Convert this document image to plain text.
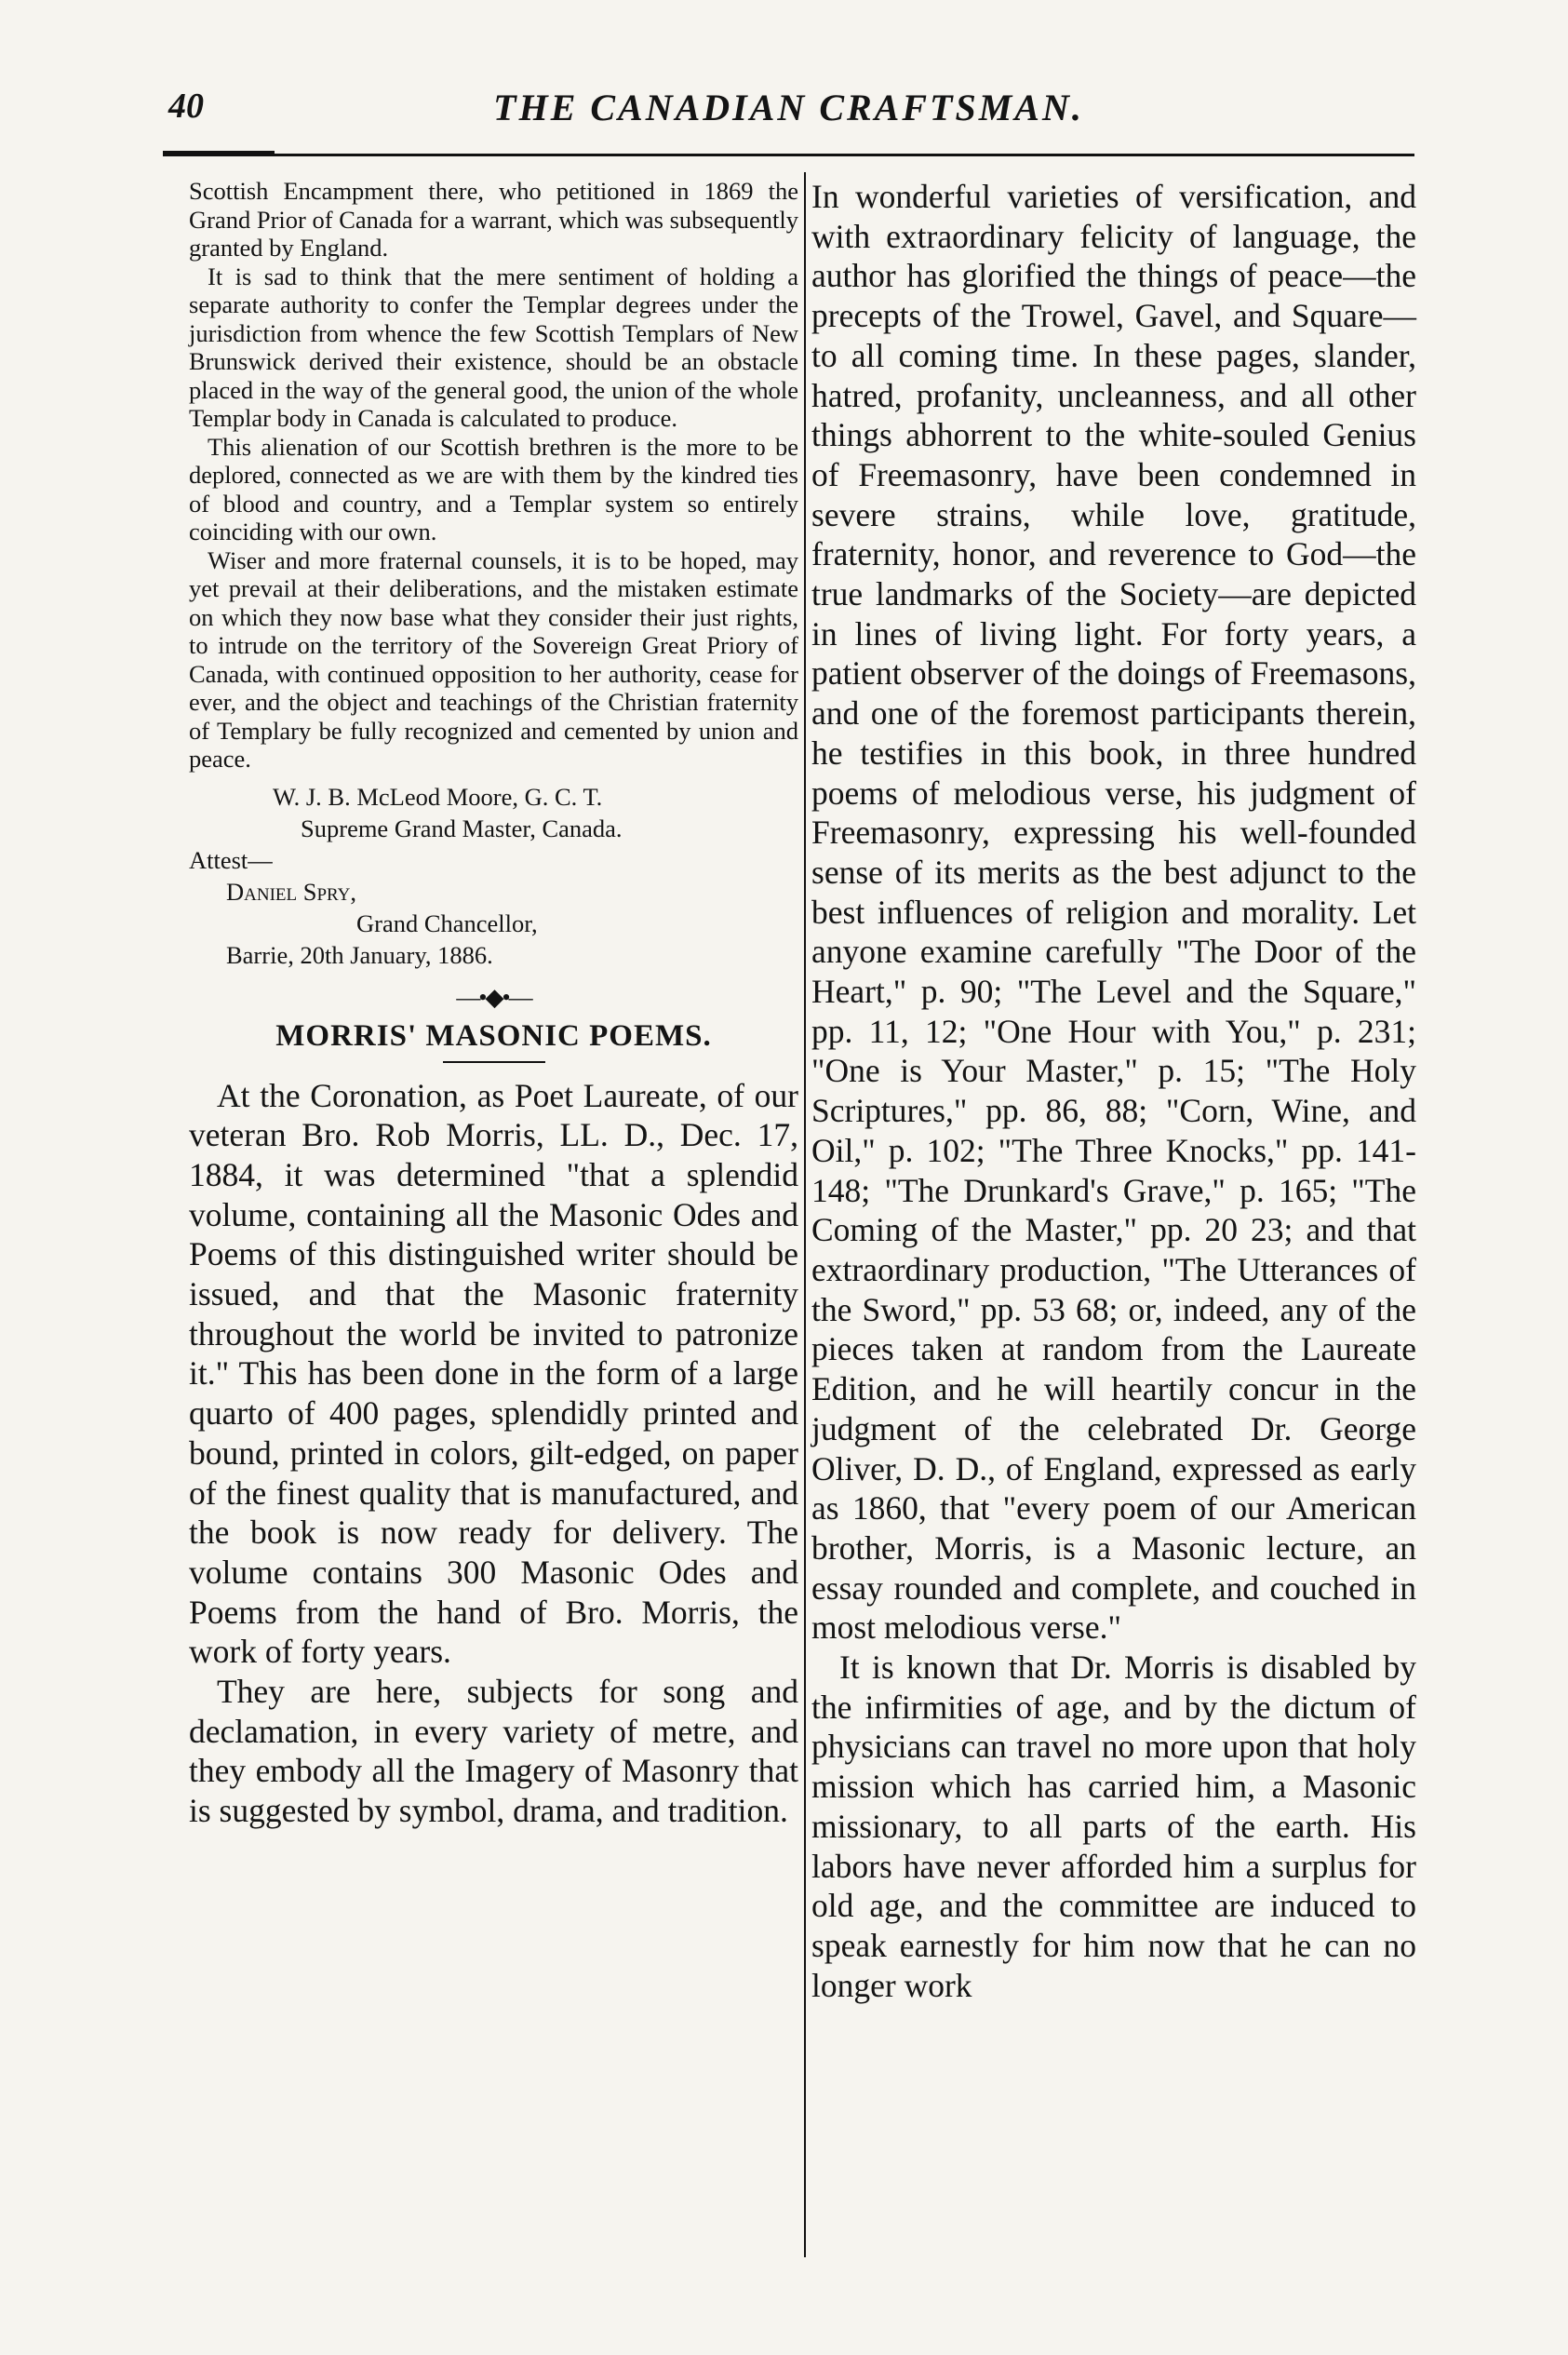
40	THE CANADIAN CRAFTSMAN.

Scottish Encampment there, who petitioned in 1869 the Grand Prior of Canada for a warrant, which was subsequently granted by England.

It is sad to think that the mere sentiment of holding a separate authority to confer the Templar degrees under the jurisdiction from whence the few Scottish Templars of New Brunswick derived their existence, should be an obstacle placed in the way of the general good, the union of the whole Templar body in Canada is calculated to produce.

This alienation of our Scottish brethren is the more to be deplored, connected as we are with them by the kindred ties of blood and country, and a Templar system so entirely coinciding with our own.

Wiser and more fraternal counsels, it is to be hoped, may yet prevail at their deliberations, and the mistaken estimate on which they now base what they consider their just rights, to intrude on the territory of the Sovereign Great Priory of Canada, with continued opposition to her authority, cease for ever, and the object and teachings of the Christian fraternity of Templary be fully recognized and cemented by union and peace.

W. J. B. McLeod Moore, G. C. T.
Supreme Grand Master, Canada.
Attest—
Daniel Spry,
Grand Chancellor,
Barrie, 20th January, 1886.
—•◆•—
MORRIS' MASONIC POEMS.

At the Coronation, as Poet Laureate, of our veteran Bro. Rob Morris, LL. D., Dec. 17, 1884, it was determined "that a splendid volume, containing all the Masonic Odes and Poems of this distinguished writer should be issued, and that the Masonic fraternity throughout the world be invited to patronize it." This has been done in the form of a large quarto of 400 pages, splendidly printed and bound, printed in colors, gilt-edged, on paper of the finest quality that is manufactured, and the book is now ready for delivery. The volume contains 300 Masonic Odes and Poems from the hand of Bro. Morris, the work of forty years.

They are here, subjects for song and declamation, in every variety of metre, and they embody all the Imagery of Masonry that is suggested by symbol, drama, and tradition.

In wonderful varieties of versification, and with extraordinary felicity of language, the author has glorified the things of peace—the precepts of the Trowel, Gavel, and Square—to all coming time. In these pages, slander, hatred, profanity, uncleanness, and all other things abhorrent to the white-souled Genius of Freemasonry, have been condemned in severe strains, while love, gratitude, fraternity, honor, and reverence to God—the true landmarks of the Society—are depicted in lines of living light. For forty years, a patient observer of the doings of Freemasons, and one of the foremost participants therein, he testifies in this book, in three hundred poems of melodious verse, his judgment of Freemasonry, expressing his well-founded sense of its merits as the best adjunct to the best influences of religion and morality. Let anyone examine carefully "The Door of the Heart," p. 90; "The Level and the Square," pp. 11, 12; "One Hour with You," p. 231; "One is Your Master," p. 15; "The Holy Scriptures," pp. 86, 88; "Corn, Wine, and Oil," p. 102; "The Three Knocks," pp. 141-148; "The Drunkard's Grave," p. 165; "The Coming of the Master," pp. 20 23; and that extraordinary production, "The Utterances of the Sword," pp. 53 68; or, indeed, any of the pieces taken at random from the Laureate Edition, and he will heartily concur in the judgment of the celebrated Dr. George Oliver, D. D., of England, expressed as early as 1860, that "every poem of our American brother, Morris, is a Masonic lecture, an essay rounded and complete, and couched in most melodious verse."

It is known that Dr. Morris is disabled by the infirmities of age, and by the dictum of physicians can travel no more upon that holy mission which has carried him, a Masonic missionary, to all parts of the earth. His labors have never afforded him a surplus for old age, and the committee are induced to speak earnestly for him now that he can no longer work
